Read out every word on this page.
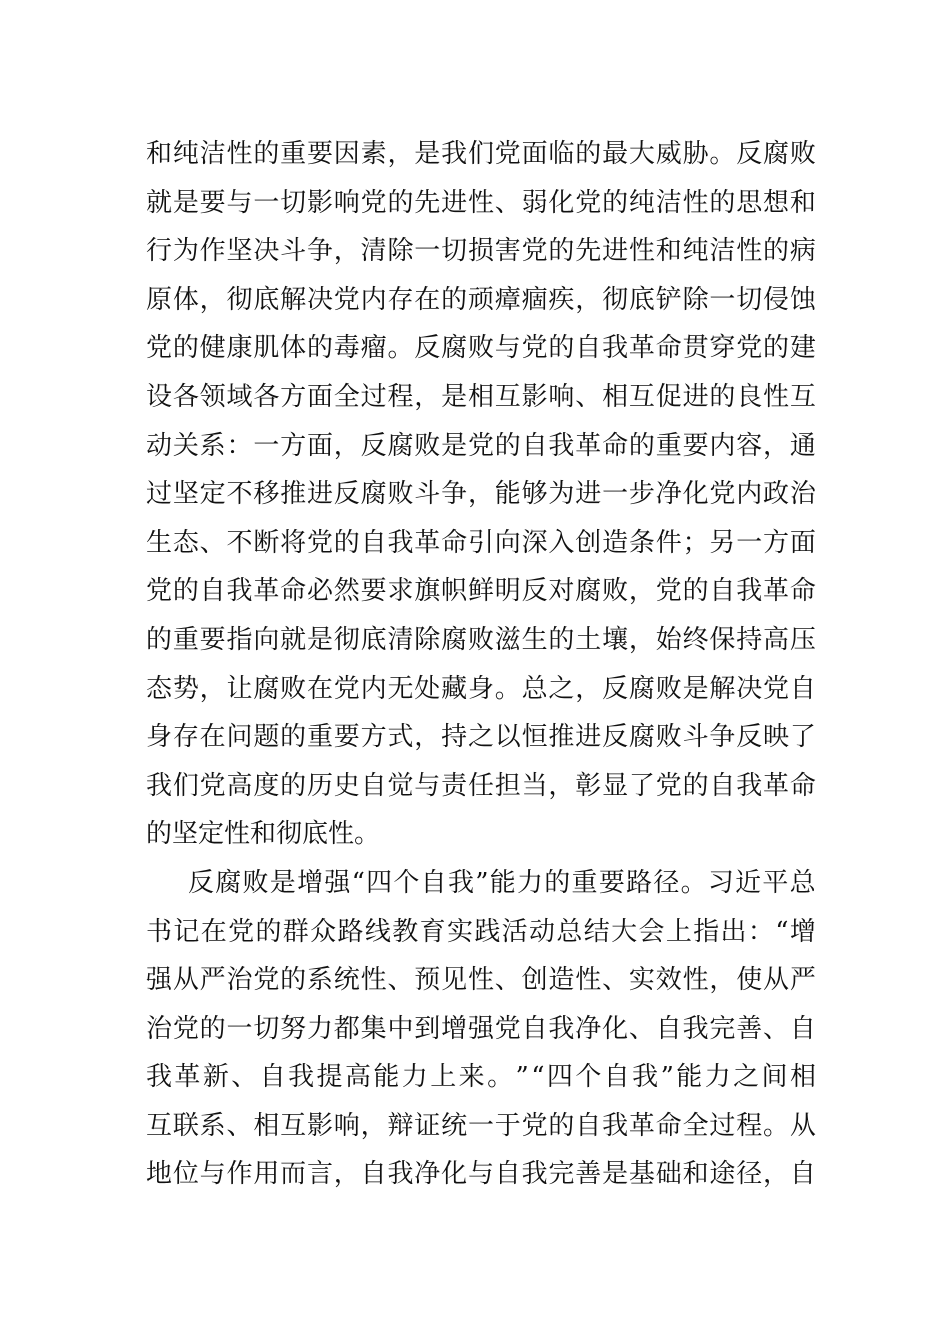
和 纯 洁 性 的 重 要 因 素 ， 是 我 们 党 面 临 的 最 大 威 胁 。 反 腐 败
就 是 要 与 一 切 影 响 党 的 先 进 性 、 弱 化 党 的 纯 洁 性 的 思 想 和
行 为 作 坚 决 斗 争 ， 清 除 一 切 损 害 党 的 先 进 性 和 纯 洁 性 的 病
原 体 ， 彻 底 解 决 党 内 存 在 的 顽 瘴 痼 疾 ， 彻 底 铲 除 一 切 侵 蚀
党 的 健 康 肌 体 的 毒 瘤 。 反 腐 败 与 党 的 自 我 革 命 贯 穿 党 的 建
设 各 领 域 各 方 面 全 过 程 ， 是 相 互 影 响 、 相 互 促 进 的 良 性 互
动 关 系 ： 一 方 面 ， 反 腐 败 是 党 的 自 我 革 命 的 重 要 内 容 ， 通
过 坚 定 不 移 推 进 反 腐 败 斗 争 ， 能 够 为 进 一 步 净 化 党 内 政 治
生 态 、 不 断 将 党 的 自 我 革 命 引 向 深 入 创 造 条 件 ； 另 一 方 面
党 的 自 我 革 命 必 然 要 求 旗 帜 鲜 明 反 对 腐 败 ， 党 的 自 我 革 命
的 重 要 指 向 就 是 彻 底 清 除 腐 败 滋 生 的 土 壤 ， 始 终 保 持 高 压
态 势 ， 让 腐 败 在 党 内 无 处 藏 身 。 总 之 ， 反 腐 败 是 解 决 党 自
身 存 在 问 题 的 重 要 方 式 ， 持 之 以 恒 推 进 反 腐 败 斗 争 反 映 了
我 们 党 高 度 的 历 史 自 觉 与 责 任 担 当 ， 彰 显 了 党 的 自 我 革 命
的坚定性和彻底性。
反 腐 败 是 增 强 “ 四 个 自 我 ” 能 力 的 重 要 路 径 。 习 近 平 总
书 记 在 党 的 群 众 路 线 教 育 实 践 活 动 总 结 大 会 上 指 出 ： “ 增
强 从 严 治 党 的 系 统 性 、 预 见 性 、 创 造 性 、 实 效 性 ， 使 从 严
治 党 的 一 切 努 力 都 集 中 到 增 强 党 自 我 净 化 、 自 我 完 善 、 自
我 革 新 、 自 我 提 高 能 力 上 来 。 ” “ 四 个 自 我 ” 能 力 之 间 相
互 联 系 、 相 互 影 响 ， 辩 证 统 一 于 党 的 自 我 革 命 全 过 程 。 从
地 位 与 作 用 而 言 ， 自 我 净 化 与 自 我 完 善 是 基 础 和 途 径 ， 自
